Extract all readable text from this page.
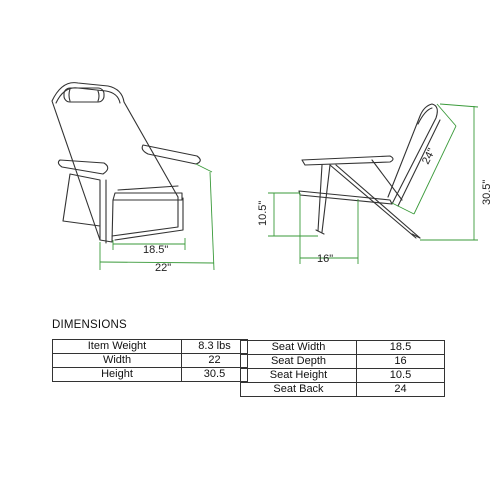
18.5"
22"
10.5"
16"
24"
30.5"
DIMENSIONS
Item Weight	8.3 lbs
Width	22
Height	30.5
Seat Width	18.5
Seat Depth	16
Seat Height	10.5
Seat Back	24
